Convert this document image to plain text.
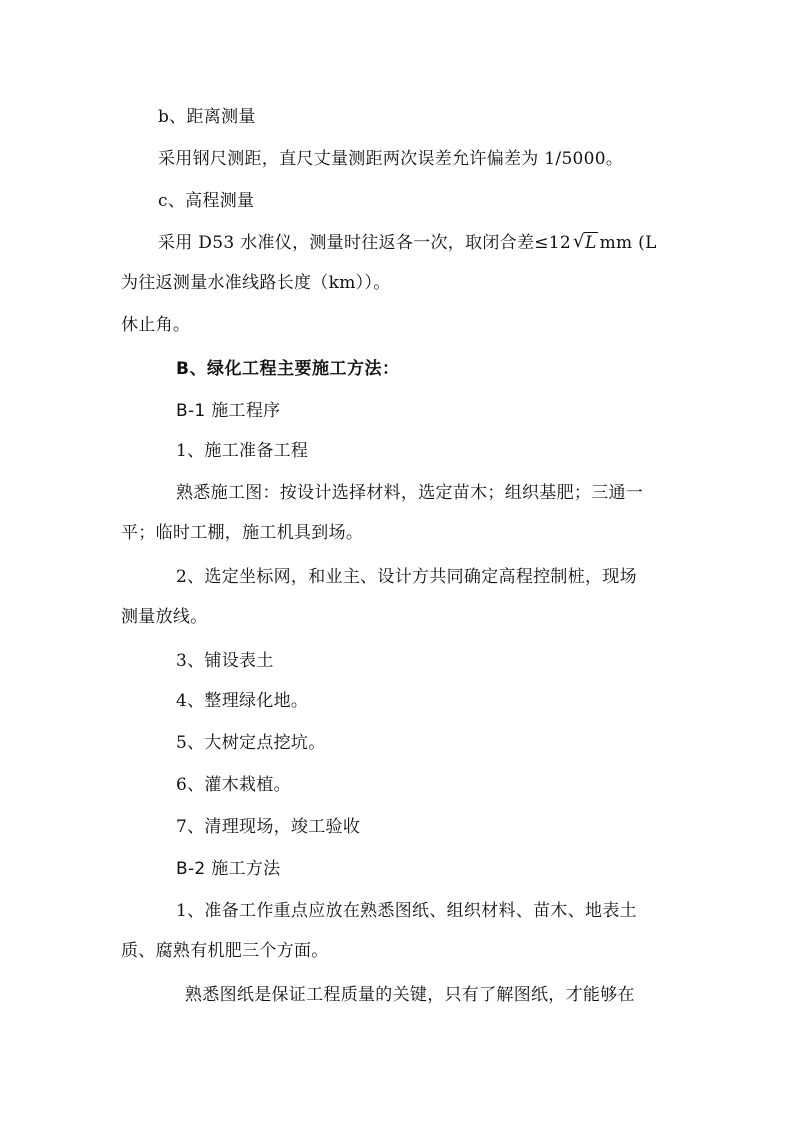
b、距离测量
采用钢尺测距，直尺丈量测距两次误差允许偏差为 1/5000。
c、高程测量
采用 D53 水准仪，测量时往返各一次，取闭合差≤12 √ L mm (L
为往返测量水准线路长度（km））。
休止角。
B、绿化工程主要施工方法：
B-1 施工程序
1、施工准备工程
熟悉施工图：按设计选择材料，选定苗木；组织基肥；三通一
平；临时工棚，施工机具到场。
2、选定坐标网，和业主、设计方共同确定高程控制桩，现场
测量放线。
3、铺设表土
4、整理绿化地。
5、大树定点挖坑。
6、灌木栽植。
7、清理现场，竣工验收
B-2 施工方法
1、准备工作重点应放在熟悉图纸、组织材料、苗木、地表土
质、腐熟有机肥三个方面。
熟悉图纸是保证工程质量的关键，只有了解图纸，才能够在
